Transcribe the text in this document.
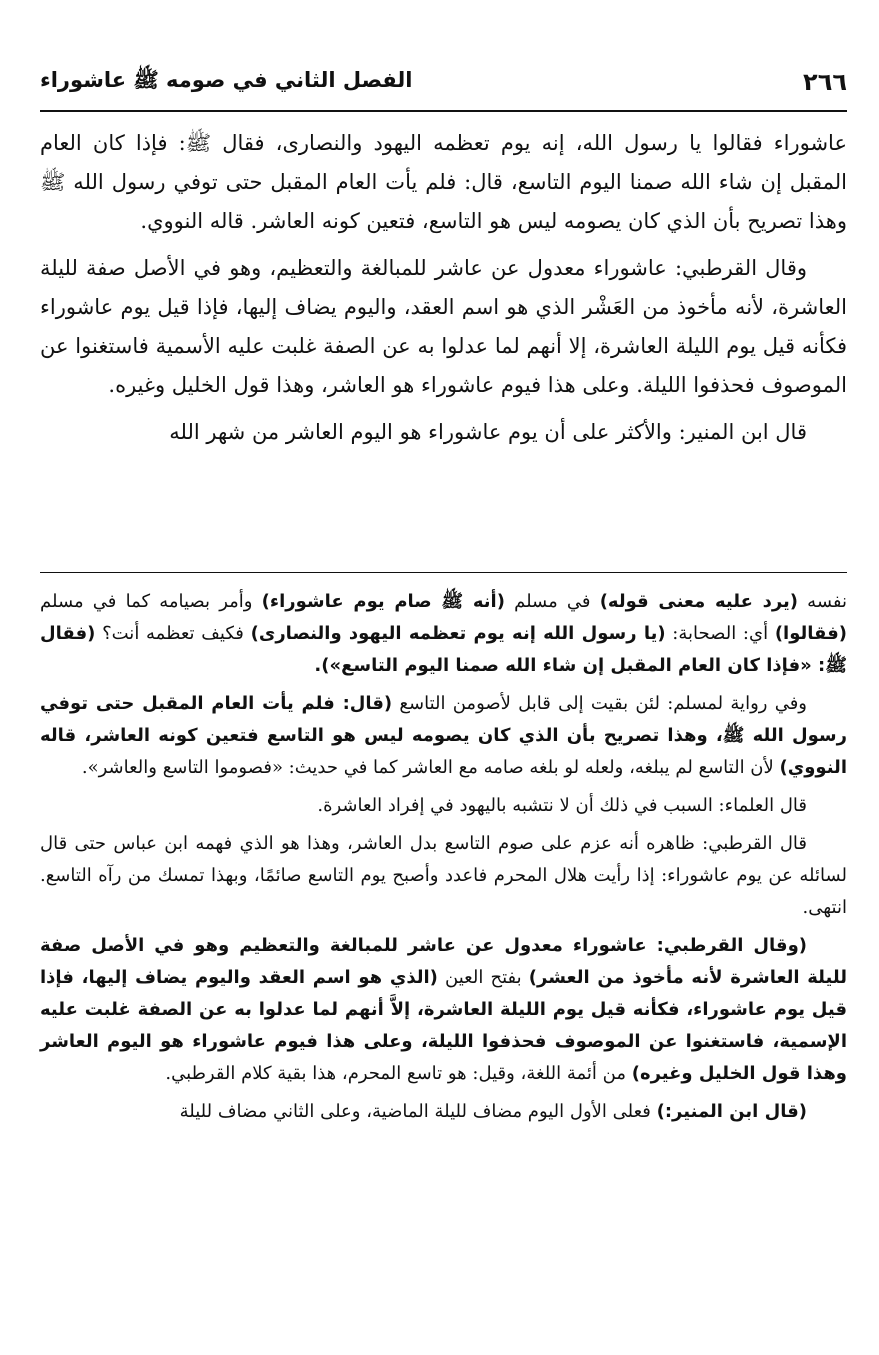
٢٦٦
الفصل الثاني في صومه ﷺ عاشوراء

عاشوراء فقالوا يا رسول الله، إنه يوم تعظمه اليهود والنصارى، فقال ﷺ: فإذا كان العام المقبل إن شاء الله صمنا اليوم التاسع، قال: فلم يأت العام المقبل حتى توفي رسول الله ﷺ وهذا تصريح بأن الذي كان يصومه ليس هو التاسع، فتعين كونه العاشر. قاله النووي.

وقال القرطبي: عاشوراء معدول عن عاشر للمبالغة والتعظيم، وهو في الأصل صفة لليلة العاشرة، لأنه مأخوذ من العَشْر الذي هو اسم العقد، واليوم يضاف إليها، فإذا قيل يوم عاشوراء فكأنه قيل يوم الليلة العاشرة، إلا أنهم لما عدلوا به عن الصفة غلبت عليه الأسمية فاستغنوا عن الموصوف فحذفوا الليلة. وعلى هذا فيوم عاشوراء هو العاشر، وهذا قول الخليل وغيره.

قال ابن المنير: والأكثر على أن يوم عاشوراء هو اليوم العاشر من شهر الله

نفسه (يرد عليه معنى قوله) في مسلم (أنه ﷺ صام يوم عاشوراء) وأمر بصيامه كما في مسلم (فقالوا) أي: الصحابة: (يا رسول الله إنه يوم تعظمه اليهود والنصارى) فكيف تعظمه أنت؟ (فقال ﷺ: «فإذا كان العام المقبل إن شاء الله صمنا اليوم التاسع»).

وفي رواية لمسلم: لئن بقيت إلى قابل لأصومن التاسع (قال: فلم يأت العام المقبل حتى توفي رسول الله ﷺ، وهذا تصريح بأن الذي كان يصومه ليس هو التاسع فتعين كونه العاشر، قاله النووي) لأن التاسع لم يبلغه، ولعله لو بلغه صامه مع العاشر كما في حديث: «فصوموا التاسع والعاشر».

قال العلماء: السبب في ذلك أن لا نتشبه باليهود في إفراد العاشرة.

قال القرطبي: ظاهره أنه عزم على صوم التاسع بدل العاشر، وهذا هو الذي فهمه ابن عباس حتى قال لسائله عن يوم عاشوراء: إذا رأيت هلال المحرم فاعدد وأصبح يوم التاسع صائمًا، وبهذا تمسك من رآه التاسع. انتهى.

(وقال القرطبي: عاشوراء معدول عن عاشر للمبالغة والتعظيم وهو في الأصل صفة لليلة العاشرة لأنه مأخوذ من العشر) بفتح العين (الذي هو اسم العقد واليوم يضاف إليها، فإذا قيل يوم عاشوراء، فكأنه قيل يوم الليلة العاشرة، إلاَّ أنهم لما عدلوا به عن الصفة غلبت عليه الإسمية، فاستغنوا عن الموصوف فحذفوا الليلة، وعلى هذا فيوم عاشوراء هو اليوم العاشر وهذا قول الخليل وغيره) من أئمة اللغة، وقيل: هو تاسع المحرم، هذا بقية كلام القرطبي.

(قال ابن المنير:) فعلى الأول اليوم مضاف لليلة الماضية، وعلى الثاني مضاف لليلة
